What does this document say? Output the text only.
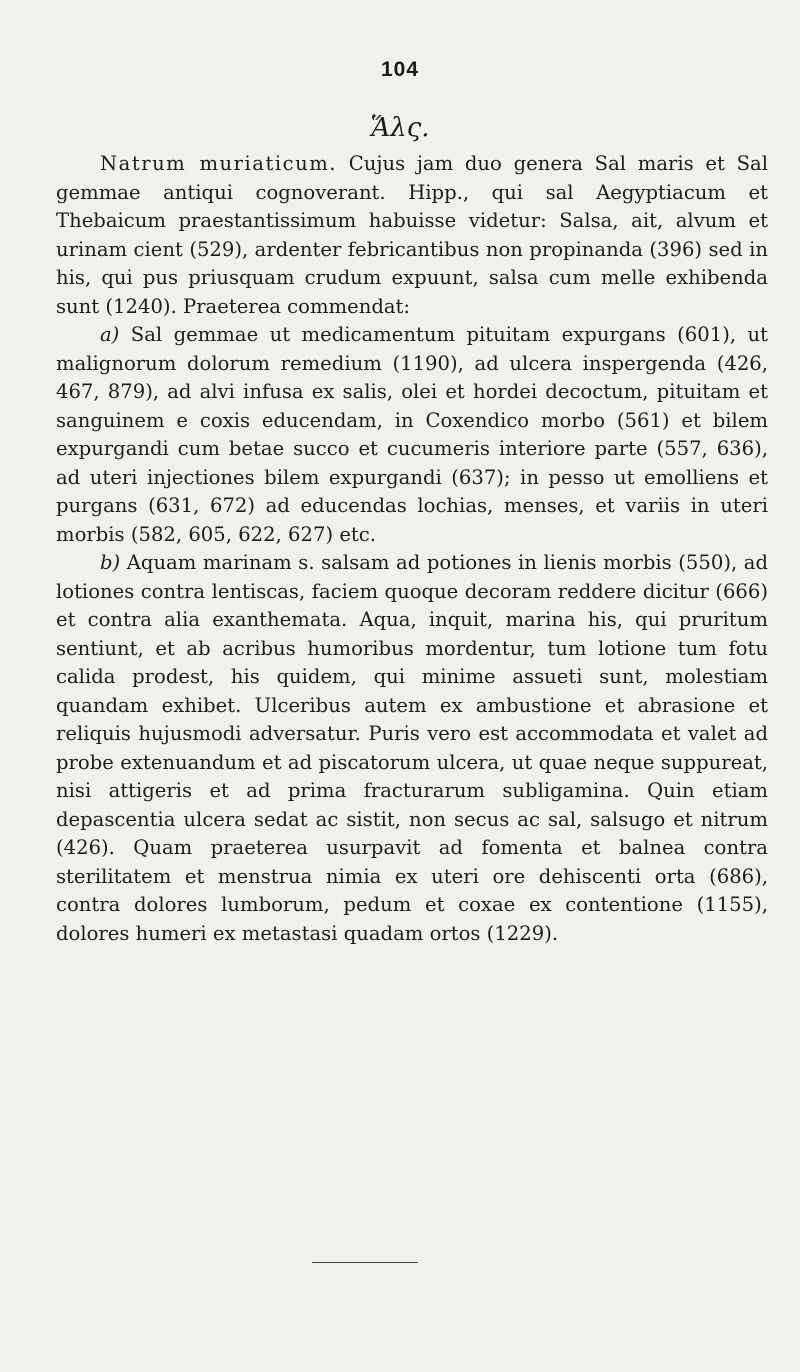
104
Ἅλς.

Natrum muriaticum. Cujus jam duo genera Sal maris et Sal gemmae antiqui cognoverant. Hipp., qui sal Aegyptiacum et Thebaicum praestantissimum habuisse videtur: Salsa, ait, alvum et urinam cient (529), ardenter febricantibus non propinanda (396) sed in his, qui pus priusquam crudum expuunt, salsa cum melle exhibenda sunt (1240). Praeterea commendat:

a) Sal gemmae ut medicamentum pituitam expurgans (601), ut malignorum dolorum remedium (1190), ad ulcera inspergenda (426, 467, 879), ad alvi infusa ex salis, olei et hordei decoctum, pituitam et sanguinem e coxis educendam, in Coxendico morbo (561) et bilem expurgandi cum betae succo et cucumeris interiore parte (557, 636), ad uteri injectiones bilem expurgandi (637); in pesso ut emolliens et purgans (631, 672) ad educendas lochias, menses, et variis in uteri morbis (582, 605, 622, 627) etc.

b) Aquam marinam s. salsam ad potiones in lienis morbis (550), ad lotiones contra lentiscas, faciem quoque decoram reddere dicitur (666) et contra alia exanthemata. Aqua, inquit, marina his, qui pruritum sentiunt, et ab acribus humoribus mordentur, tum lotione tum fotu calida prodest, his quidem, qui minime assueti sunt, molestiam quandam exhibet. Ulceribus autem ex ambustione et abrasione et reliquis hujusmodi adversatur. Puris vero est accommodata et valet ad probe extenuandum et ad piscatorum ulcera, ut quae neque suppureat, nisi attigeris et ad prima fracturarum subligamina. Quin etiam depascentia ulcera sedat ac sistit, non secus ac sal, salsugo et nitrum (426). Quam praeterea usurpavit ad fomenta et balnea contra sterilitatem et menstrua nimia ex uteri ore dehiscenti orta (686), contra dolores lumborum, pedum et coxae ex contentione (1155), dolores humeri ex metastasi quadam ortos (1229).
